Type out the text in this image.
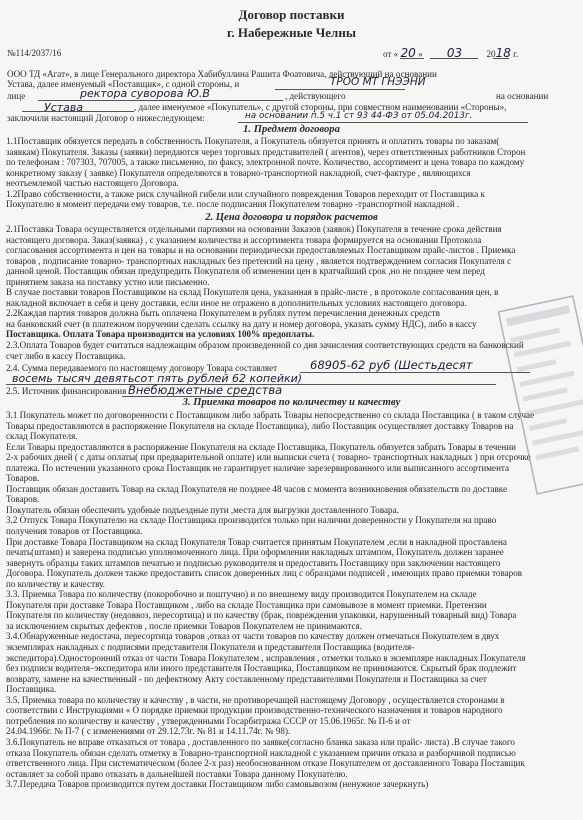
Договор поставки
г. Набережные Челны
№114/2037/16	от « 20 » 03	2018 г.
ООО ТД «Агат», в лице Генерального директора Хабибуллина Рашита Фоатовича, действующий на основании
Устава, далее именуемый «Поставщик», с одной стороны, и	ТРОО МТ ГНЭЭНИ
лице	ректора суворова Ю.В	, действующего	на основании
Устава	, далее именуемое «Покупатель», с другой стороны, при совместном наименовании «Стороны»,
заключили настоящий Договор о нижеследующем:	на основании п.5 ч.1 ст 93 44-ФЗ от 05.04.2013г.
1. Предмет договора
1.1Поставщик обязуется передать в собственность Покупателя, а Покупатель обязуется принять и оплатить товары по заказам(
заявкам) Покупателя. Заказы (заявки) передаются через торговых представителей ( агентов), через ответственных работников Сторон
по телефонам : 707303, 707005, а также письменно, по факсу, электронной почте. Количество, ассортимент и цена товара по каждому
конкретному заказу ( заявке) Покупателя определяются в товарно-транспортной накладной, счет-фактуре , являющихся
неотъемлемой частью настоящего Договора.
1.2Право собственности, а также риск случайной гибели или случайного повреждения Товаров переходит от Поставщика к
Покупателю в момент передачи ему товаров, т.е. после подписания Покупателем товарно -транспортной накладной .
2. Цена договора и порядок расчетов
2.1Поставка Товара осуществляется отдельными партиями на основании Заказов (заявок) Покупателя в течение срока действия
настоящего договора. Заказ(заявка) , с указанием количества и ассортимента товара формируется на основании Протокола
согласования ассортимента и цен на товары и на основании периодически предоставляемых Поставщиком прайс-листов . Приемка
товаров , подписание товарно- транспортных накладных без претензий на цену , является подтверждением согласия Покупателя с
данной ценой. Поставщик обязан предупредить Покупателя об изменении цен в кратчайший срок ,но не позднее чем перед
принятием заказа на поставку устно или письменно.
В случае поставки товаров Поставщиком на склад Покупателя цена, указанная в прайс-листе , в протоколе согласования цен, в
накладной включает в себя и цену доставки, если иное не отражено в дополнительных условиях настоящего договора.
2.2Каждая партия товаров должна быть оплачена Покупателем в рублях путем перечисления денежных средств
на банковский счет (в платежном поручении сделать ссылку на дату и номер договора, указать сумму НДС), либо в кассу
Поставщика. Оплата Товара производится на условиях 100% предоплаты.
2.3.Оплата Товаров будет считаться надлежащим образом произведенной со дня зачисления соответствующих средств на банковский
счет либо в кассу Поставщика.
2.4. Сумма передаваемого по настоящему договору Товара составляет	68905-62 руб (Шестьдесят
восемь тысяч девятьсот пять рублей 62 копейки)
2.5. Источник финансирования Внебюджетные средства
3. Приемка товаров по количеству и качеству
3.1 Покупатель может по договоренности с Поставщиком либо забрать Товары непосредственно со склада Поставщика ( в таком случае
Товары предоставляются в распоряжение Покупателя на складе Поставщика), либо Поставщик осуществляет доставку Товаров на
склад Покупателя.
Если Товары предоставляются в распоряжение Покупателя на складе Поставщика, Покупатель обязуется забрать Товары в течении
2-х рабочих дней ( с даты оплаты( при предварительной оплате) или выписки счета ( товарно- транспортных накладных ) при отсрочке
платежа. По истечении указанного срока Поставщик не гарантирует наличие зарезервированного или выписанного ассортимента
Товаров.
Поставщик обязан доставить Товар на склад Покупателя не позднее 48 часов с момента возникновения обязательств по доставке
Товаров.
Покупатель обязан обеспечить удобные подъездные пути ,места для выгрузки доставленного Товара.
3.2 Отпуск Товара Покупателю на складе Поставщика производится только при наличии доверенности у Покупателя на право
получения товаров от Поставщика.
При доставке Товара Поставщиком на склад Покупателя Товар считается принятым Покупателем ,если в накладной проставлена
печать(штамп) и заверена подписью уполномоченного лица. При оформлении накладных штампом, Покупатель должен заранее
завернуть образцы таких штампов печатью и подписью руководителя и предоставить Поставщику при заключении настоящего
Договора. Покупатель должен также предоставить список доверенных лиц с образцами подписей , имеющих право приемки товаров
по количеству и качеству.
3.3. Приемка Товара по количеству (покоробочно и поштучно) и по внешнему виду производится Покупателем на складе
Покупателя при доставке Товара Поставщиком , либо на складе Поставщика при самовывозе в момент приемки. Претензии
Покупателя по количеству (недоввоз, пересортица) и по качеству (брак, повреждения упаковки, нарушенный товарный вид) Товара
за исключением скрытых дефектов , после приемки Товаров Покупателем не принимаются.
3.4.Обнаруженные недостача, пересортица товаров ,отказ от части товаров по качеству должен отмечаться Покупателем в двух
экземплярах накладных с подписями представителя Покупателя и представителя Поставщика (водителя-
экспедитора).Односторонний отказ от части Товара Покупателем , исправления , отметки только в экземпляре накладных Покупателя
без подписи водителя–экспедитора или иного представителя Поставщика, Поставщиком не принимаются. Скрытый брак подлежит
возврату, замене на качественный - по дефектному Акту составленному представителями Покупателя и Поставщика за счет
Поставщика.
3.5. Приемка товара по количеству и качеству , в части, не противоречащей настоящему Договору , осуществляется сторонами в
соответствии с Инструкциями « О порядке приемки продукции производственно-технического назначения и товаров народного
потребления по количеству и качеству , утвержденными Госарбитража СССР от 15.06.1965г. № П-6 и от
24.04.1966г. № П-7 ( с изменениями от 29.12.73г. № 81 и 14.11.74г. № 98).
3.6.Покупатель не вправе отказаться от товара , доставленного по заявке(согласно бланка заказа или прайс- листа) .В случае такого
отказа Покупатель обязан сделать отметку в Товарно-транспортной накладной с указанием причин отказа и разборчивой подписью
ответственного лица. При систематическом (более 2-х раз) необоснованном отказе Покупателем от доставленного Товара Поставщик
оставляет за собой право отказать в дальнейшей поставки Товара данному Покупателю.
3.7.Передача Товаров производится путем доставки Поставщиком либо самовывозом (ненужное зачеркнуть)
